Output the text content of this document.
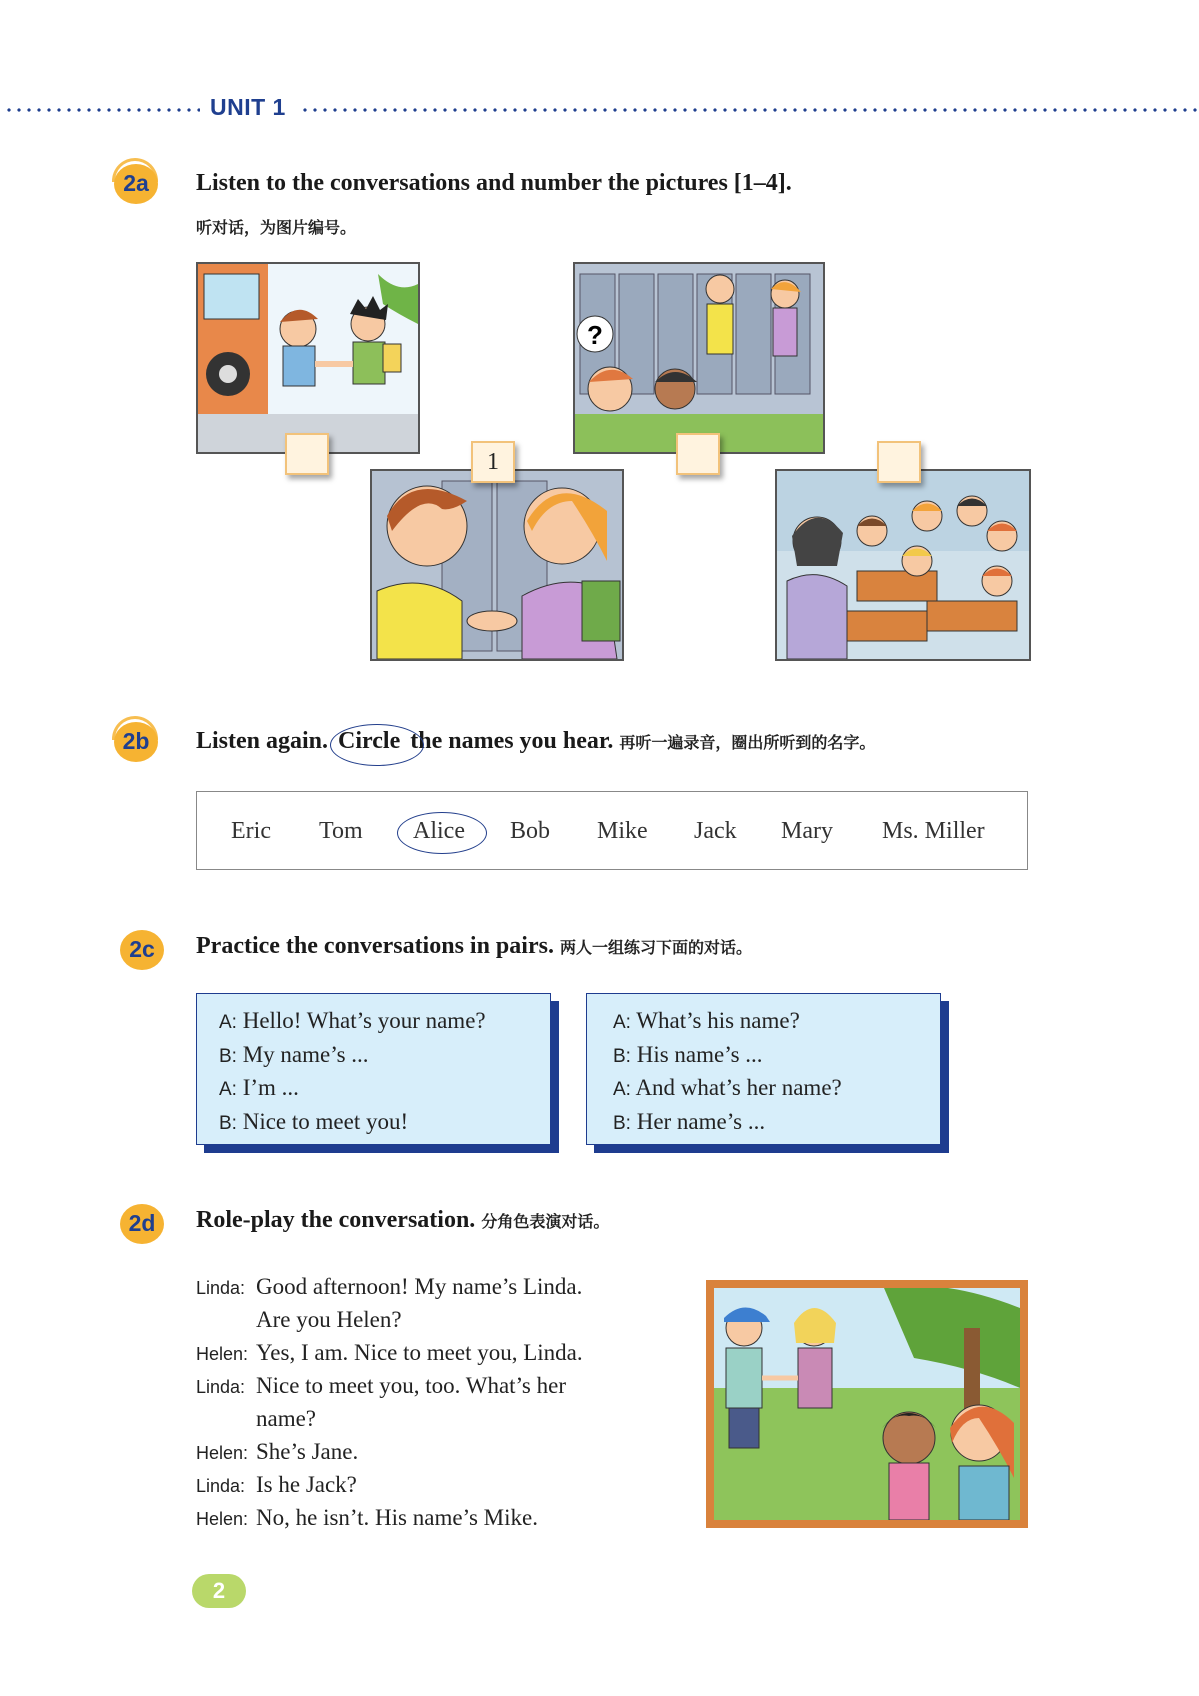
UNIT 1
2a	Listen to the conversations and number the pictures [1–4].
听对话，为图片编号。
?
1
2b	Listen again. Circle the names you hear. 再听一遍录音，圈出所听到的名字。
Eric Tom Alice Bob Mike Jack Mary Ms. Miller
2c	Practice the conversations in pairs. 两人一组练习下面的对话。
A: Hello! What’s your name?
B: My name’s ...
A: I’m ...
B: Nice to meet you!
A: What’s his name?
B: His name’s ...
A: And what’s her name?
B: Her name’s ...
2d	Role-play the conversation. 分角色表演对话。
Linda: Good afternoon! My name’s Linda.
Are you Helen?
Helen: Yes, I am. Nice to meet you, Linda.
Linda: Nice to meet you, too. What’s her
name?
Helen: She’s Jane.
Linda: Is he Jack?
Helen: No, he isn’t. His name’s Mike.
2
